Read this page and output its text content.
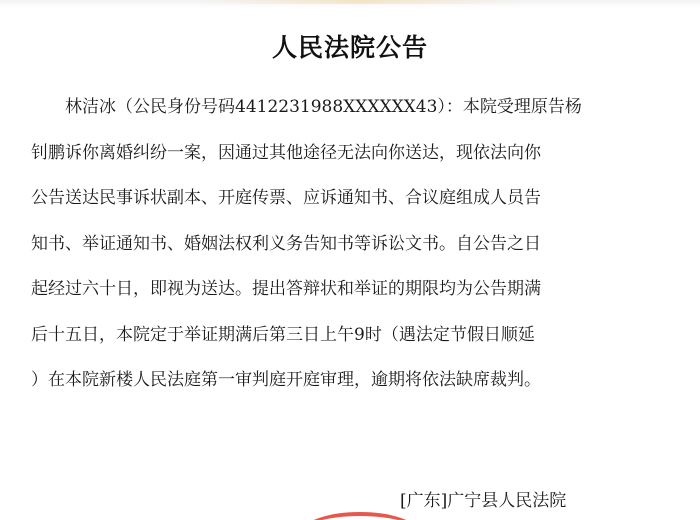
人民法院公告
　　林洁冰（公民身份号码4412231988XXXXXX43）：本院受理原告杨
钊鹏诉你离婚纠纷一案，因通过其他途径无法向你送达，现依法向你
公告送达民事诉状副本、开庭传票、应诉通知书、合议庭组成人员告
知书、举证通知书、婚姻法权利义务告知书等诉讼文书。自公告之日
起经过六十日，即视为送达。提出答辩状和举证的期限均为公告期满
后十五日，本院定于举证期满后第三日上午9时（遇法定节假日顺延
）在本院新楼人民法庭第一审判庭开庭审理，逾期将依法缺席裁判。
[广东]广宁县人民法院
